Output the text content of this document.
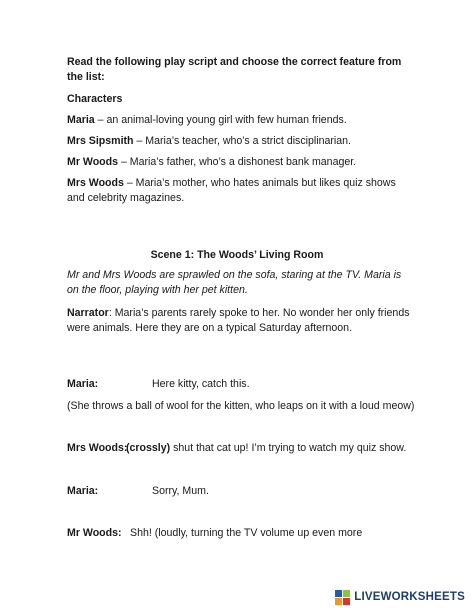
Read the following play script and choose the correct feature from the list:

Characters

Maria – an animal-loving young girl with few human friends.

Mrs Sipsmith – Maria’s teacher, who’s a strict disciplinarian.

Mr Woods – Maria’s father, who’s a dishonest bank manager.

Mrs Woods – Maria’s mother, who hates animals but likes quiz shows and celebrity magazines.

Scene 1: The Woods’ Living Room

Mr and Mrs Woods are sprawled on the sofa, staring at the TV. Maria is on the floor, playing with her pet kitten.

Narrator: Maria’s parents rarely spoke to her. No wonder her only friends were animals. Here they are on a typical Saturday afternoon.

Maria:	Here kitty, catch this.

(She throws a ball of wool for the kitten, who leaps on it with a loud meow)

Mrs Woods:
(crossly) shut that cat up! I’m trying to watch my quiz show.
Maria:	Sorry, Mum.
Mr Woods: Shh! (loudly, turning the TV volume up even more
LIVEWORKSHEETS
